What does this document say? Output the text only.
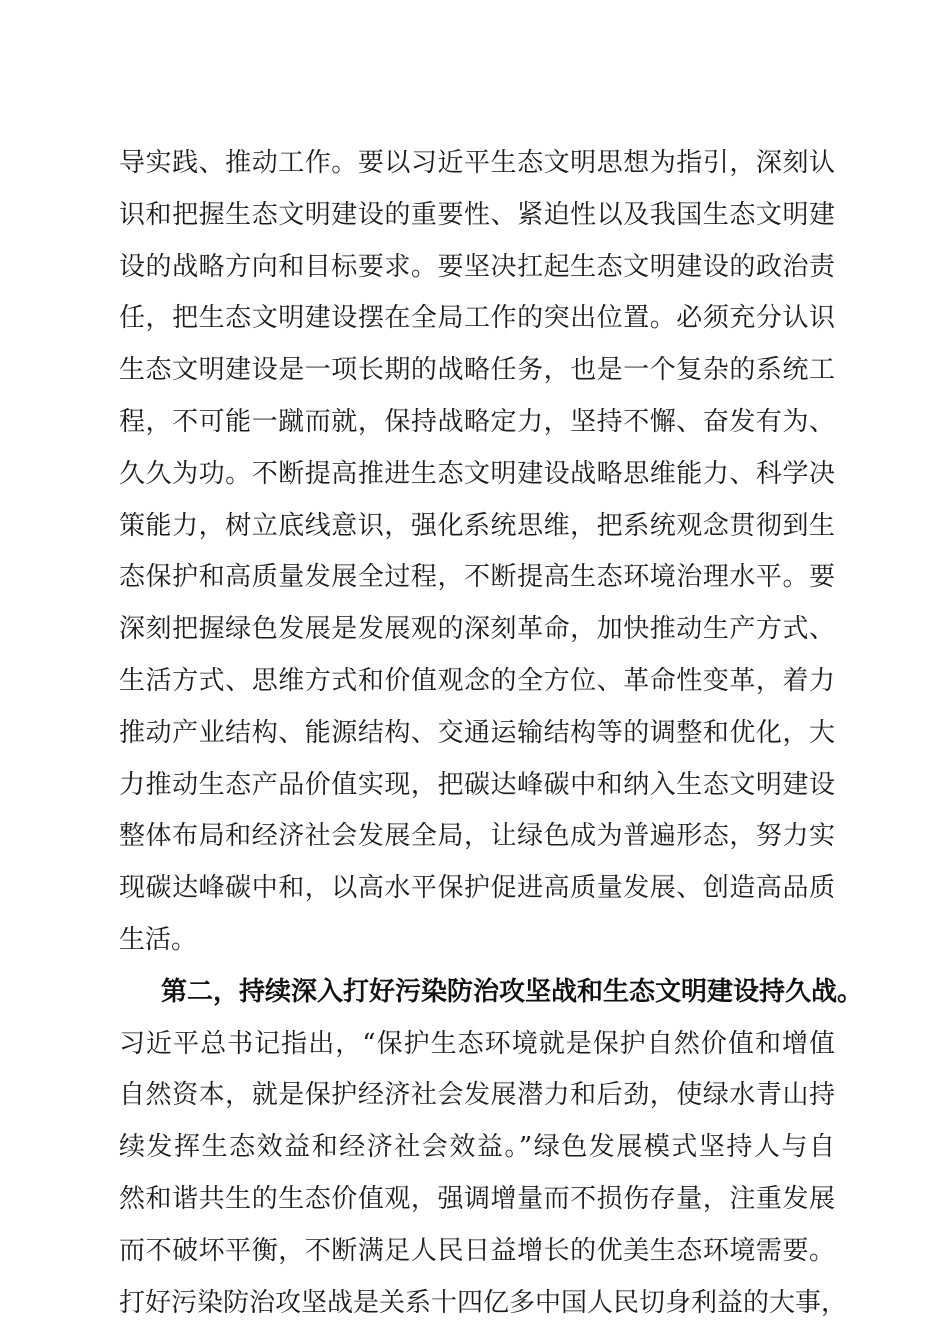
导实践、推动工作。要以习近平生态文明思想为指引，深刻认
识和把握生态文明建设的重要性、紧迫性以及我国生态文明建
设的战略方向和目标要求。要坚决扛起生态文明建设的政治责
任，把生态文明建设摆在全局工作的突出位置。必须充分认识
生态文明建设是一项长期的战略任务，也是一个复杂的系统工
程，不可能一蹴而就，保持战略定力，坚持不懈、奋发有为、
久久为功。不断提高推进生态文明建设战略思维能力、科学决
策能力，树立底线意识，强化系统思维，把系统观念贯彻到生
态保护和高质量发展全过程，不断提高生态环境治理水平。要
深刻把握绿色发展是发展观的深刻革命，加快推动生产方式、
生活方式、思维方式和价值观念的全方位、革命性变革，着力
推动产业结构、能源结构、交通运输结构等的调整和优化，大
力推动生态产品价值实现，把碳达峰碳中和纳入生态文明建设
整体布局和经济社会发展全局，让绿色成为普遍形态，努力实
现碳达峰碳中和，以高水平保护促进高质量发展、创造高品质
生活。
第二，持续深入打好污染防治攻坚战和生态文明建设持久战。
习近平总书记指出，“保护生态环境就是保护自然价值和增值
自然资本，就是保护经济社会发展潜力和后劲，使绿水青山持
续发挥生态效益和经济社会效益。”绿色发展模式坚持人与自
然和谐共生的生态价值观，强调增量而不损伤存量，注重发展
而不破坏平衡，不断满足人民日益增长的优美生态环境需要。
打好污染防治攻坚战是关系十四亿多中国人民切身利益的大事，
